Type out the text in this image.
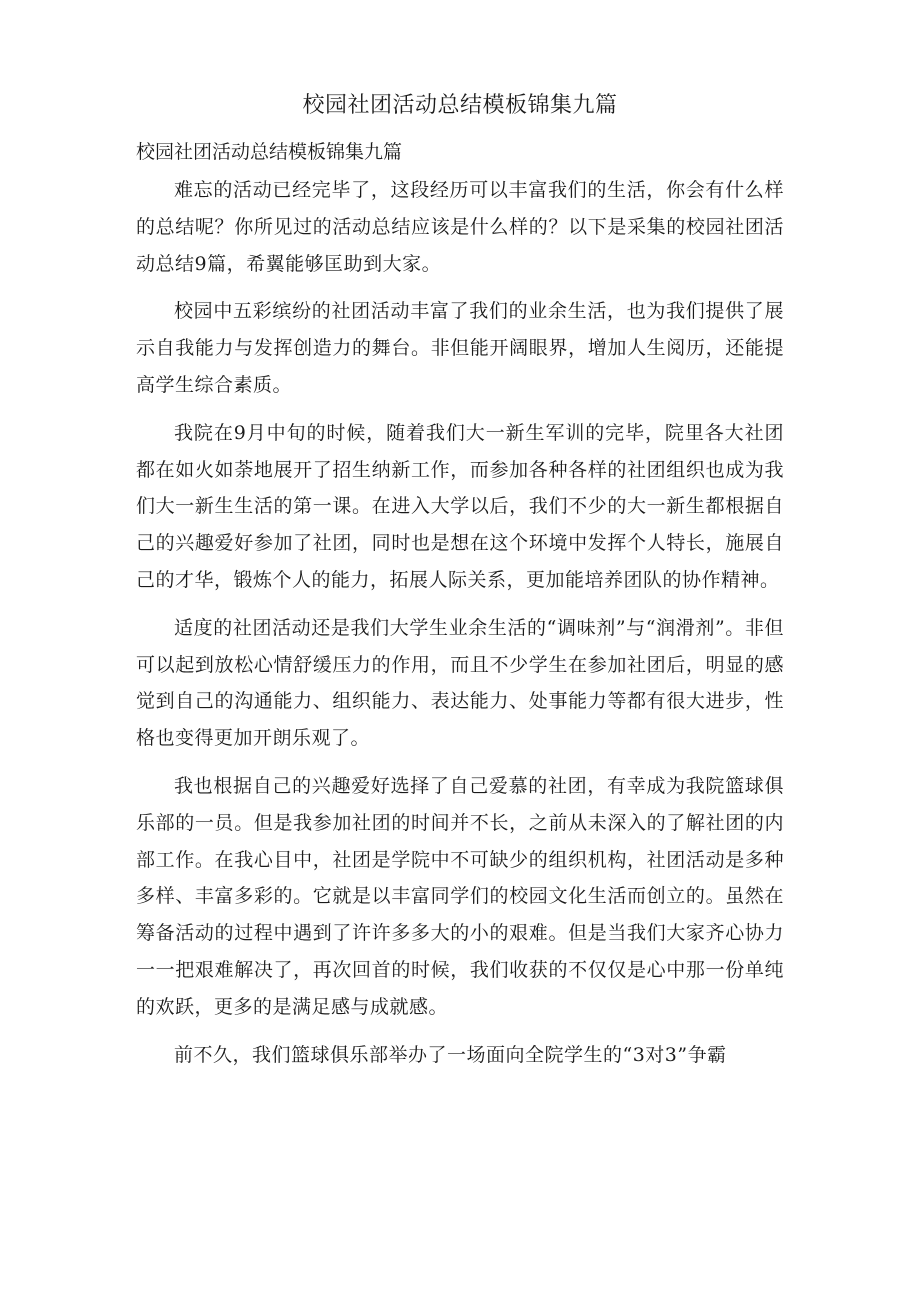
校园社团活动总结模板锦集九篇
校园社团活动总结模板锦集九篇

难忘的活动已经完毕了，这段经历可以丰富我们的生活，你会有什么样的总结呢？你所见过的活动总结应该是什么样的？以下是采集的校园社团活动总结9篇，希翼能够匡助到大家。

校园中五彩缤纷的社团活动丰富了我们的业余生活，也为我们提供了展示自我能力与发挥创造力的舞台。非但能开阔眼界，增加人生阅历，还能提高学生综合素质。

我院在9月中旬的时候，随着我们大一新生军训的完毕，院里各大社团都在如火如荼地展开了招生纳新工作，而参加各种各样的社团组织也成为我们大一新生生活的第一课。在进入大学以后，我们不少的大一新生都根据自己的兴趣爱好参加了社团，同时也是想在这个环境中发挥个人特长，施展自己的才华，锻炼个人的能力，拓展人际关系，更加能培养团队的协作精神。

适度的社团活动还是我们大学生业余生活的“调味剂”与“润滑剂”。非但可以起到放松心情舒缓压力的作用，而且不少学生在参加社团后，明显的感觉到自己的沟通能力、组织能力、表达能力、处事能力等都有很大进步，性格也变得更加开朗乐观了。

我也根据自己的兴趣爱好选择了自己爱慕的社团，有幸成为我院篮球俱乐部的一员。但是我参加社团的时间并不长，之前从未深入的了解社团的内部工作。在我心目中，社团是学院中不可缺少的组织机构，社团活动是多种多样、丰富多彩的。它就是以丰富同学们的校园文化生活而创立的。虽然在筹备活动的过程中遇到了许许多多大的小的艰难。但是当我们大家齐心协力一一把艰难解决了，再次回首的时候，我们收获的不仅仅是心中那一份单纯的欢跃，更多的是满足感与成就感。

前不久，我们篮球俱乐部举办了一场面向全院学生的“3对3”争霸
